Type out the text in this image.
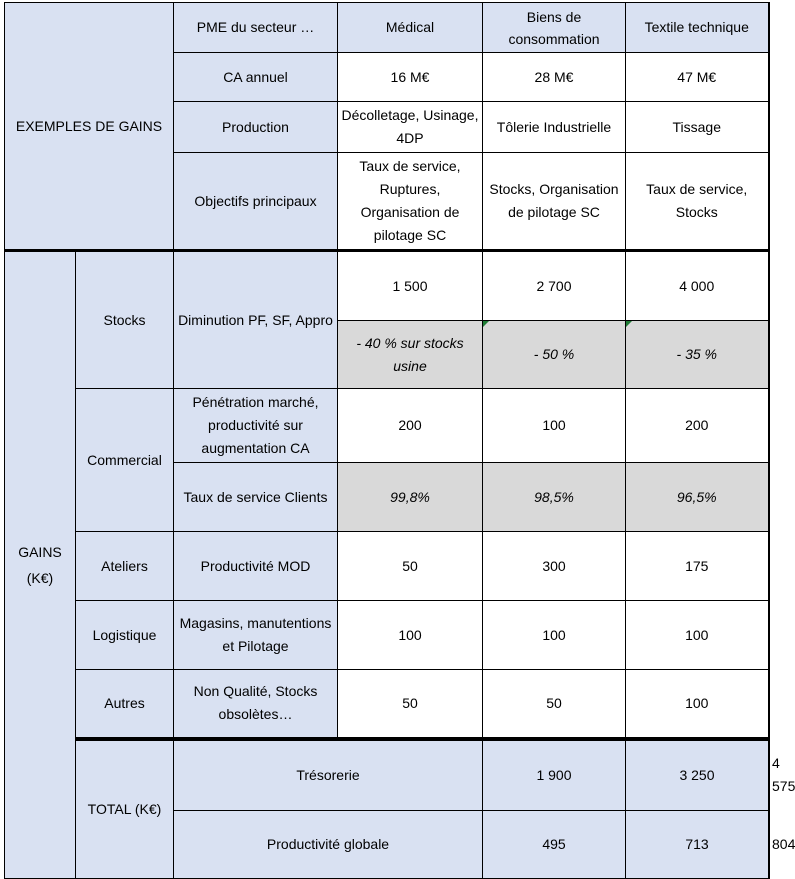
EXEMPLES DE GAINS		PME du secteur …	Médical	Biens de consommation	Textile technique	
		CA annuel	16 M€	28 M€	47 M€	
		Production	Décolletage, Usinage, 4DP	Tôlerie Industrielle	Tissage	
		Objectifs principaux	Taux de service, Ruptures, Organisation de pilotage SC	Stocks, Organisation de pilotage SC	Taux de service, Stocks	
GAINS (K€)	Stocks	Diminution PF, SF, Appro	1 500	2 700	4 000	
			- 40 % sur stocks usine	- 50 %	- 35 %	
	Commercial	Pénétration marché, productivité sur augmentation CA	200	100	200	
		Taux de service Clients	99,8%	98,5%	96,5%	
	Ateliers	Productivité MOD	50	300	175	
	Logistique	Magasins, manutentions et Pilotage	100	100	100	
	Autres	Non Qualité, Stocks obsolètes…	50	50	100	
	TOTAL (K€)	Trésorerie		1 900	3 250	4 575
		Productivité globale		495	713	804
